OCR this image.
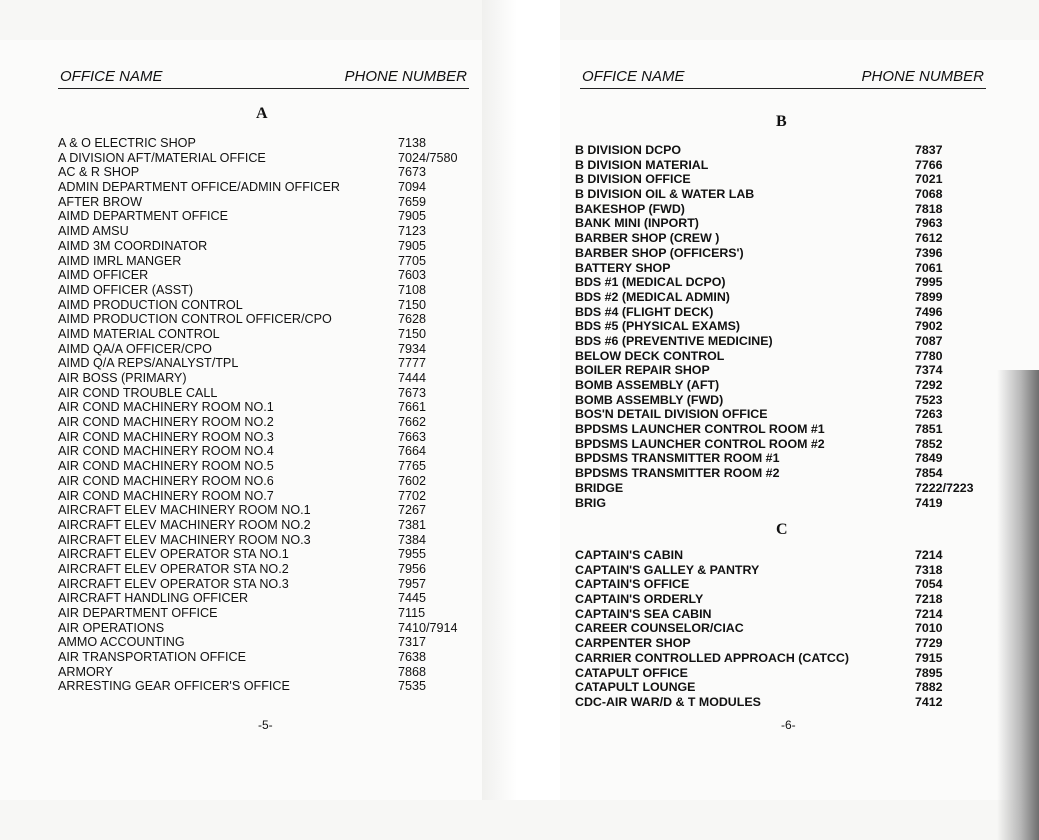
OFFICE NAME	PHONE NUMBER
A
A & O ELECTRIC SHOP	7138
A DIVISION AFT/MATERIAL OFFICE	7024/7580
AC & R SHOP	7673
ADMIN DEPARTMENT OFFICE/ADMIN OFFICER	7094
AFTER BROW	7659
AIMD DEPARTMENT OFFICE	7905
AIMD AMSU	7123
AIMD 3M COORDINATOR	7905
AIMD IMRL MANGER	7705
AIMD OFFICER	7603
AIMD OFFICER (ASST)	7108
AIMD PRODUCTION CONTROL	7150
AIMD PRODUCTION CONTROL OFFICER/CPO	7628
AIMD MATERIAL CONTROL	7150
AIMD QA/A OFFICER/CPO	7934
AIMD Q/A REPS/ANALYST/TPL	7777
AIR BOSS (PRIMARY)	7444
AIR COND TROUBLE CALL	7673
AIR COND MACHINERY ROOM NO.1	7661
AIR COND MACHINERY ROOM NO.2	7662
AIR COND MACHINERY ROOM NO.3	7663
AIR COND MACHINERY ROOM NO.4	7664
AIR COND MACHINERY ROOM NO.5	7765
AIR COND MACHINERY ROOM NO.6	7602
AIR COND MACHINERY ROOM NO.7	7702
AIRCRAFT ELEV MACHINERY ROOM NO.1	7267
AIRCRAFT ELEV MACHINERY ROOM NO.2	7381
AIRCRAFT ELEV MACHINERY ROOM NO.3	7384
AIRCRAFT ELEV OPERATOR STA NO.1	7955
AIRCRAFT ELEV OPERATOR STA NO.2	7956
AIRCRAFT ELEV OPERATOR STA NO.3	7957
AIRCRAFT HANDLING OFFICER	7445
AIR DEPARTMENT OFFICE	7115
AIR OPERATIONS	7410/7914
AMMO ACCOUNTING	7317
AIR TRANSPORTATION OFFICE	7638
ARMORY	7868
ARRESTING GEAR OFFICER'S OFFICE	7535
-5-
OFFICE NAME	PHONE NUMBER
B
B DIVISION DCPO	7837
B DIVISION MATERIAL	7766
B DIVISION OFFICE	7021
B DIVISION OIL & WATER LAB	7068
BAKESHOP (FWD)	7818
BANK MINI (INPORT)	7963
BARBER SHOP (CREW )	7612
BARBER SHOP (OFFICERS')	7396
BATTERY SHOP	7061
BDS #1 (MEDICAL DCPO)	7995
BDS #2 (MEDICAL ADMIN)	7899
BDS #4 (FLIGHT DECK)	7496
BDS #5 (PHYSICAL EXAMS)	7902
BDS #6 (PREVENTIVE MEDICINE)	7087
BELOW DECK CONTROL	7780
BOILER REPAIR SHOP	7374
BOMB ASSEMBLY (AFT)	7292
BOMB ASSEMBLY (FWD)	7523
BOS'N DETAIL DIVISION OFFICE	7263
BPDSMS LAUNCHER CONTROL ROOM #1	7851
BPDSMS LAUNCHER CONTROL ROOM #2	7852
BPDSMS TRANSMITTER ROOM #1	7849
BPDSMS TRANSMITTER ROOM #2	7854
BRIDGE	7222/7223
BRIG	7419
C
CAPTAIN'S CABIN	7214
CAPTAIN'S GALLEY & PANTRY	7318
CAPTAIN'S OFFICE	7054
CAPTAIN'S ORDERLY	7218
CAPTAIN'S SEA CABIN	7214
CAREER COUNSELOR/CIAC	7010
CARPENTER SHOP	7729
CARRIER CONTROLLED APPROACH (CATCC)	7915
CATAPULT OFFICE	7895
CATAPULT LOUNGE	7882
CDC-AIR WAR/D & T MODULES	7412
-6-
